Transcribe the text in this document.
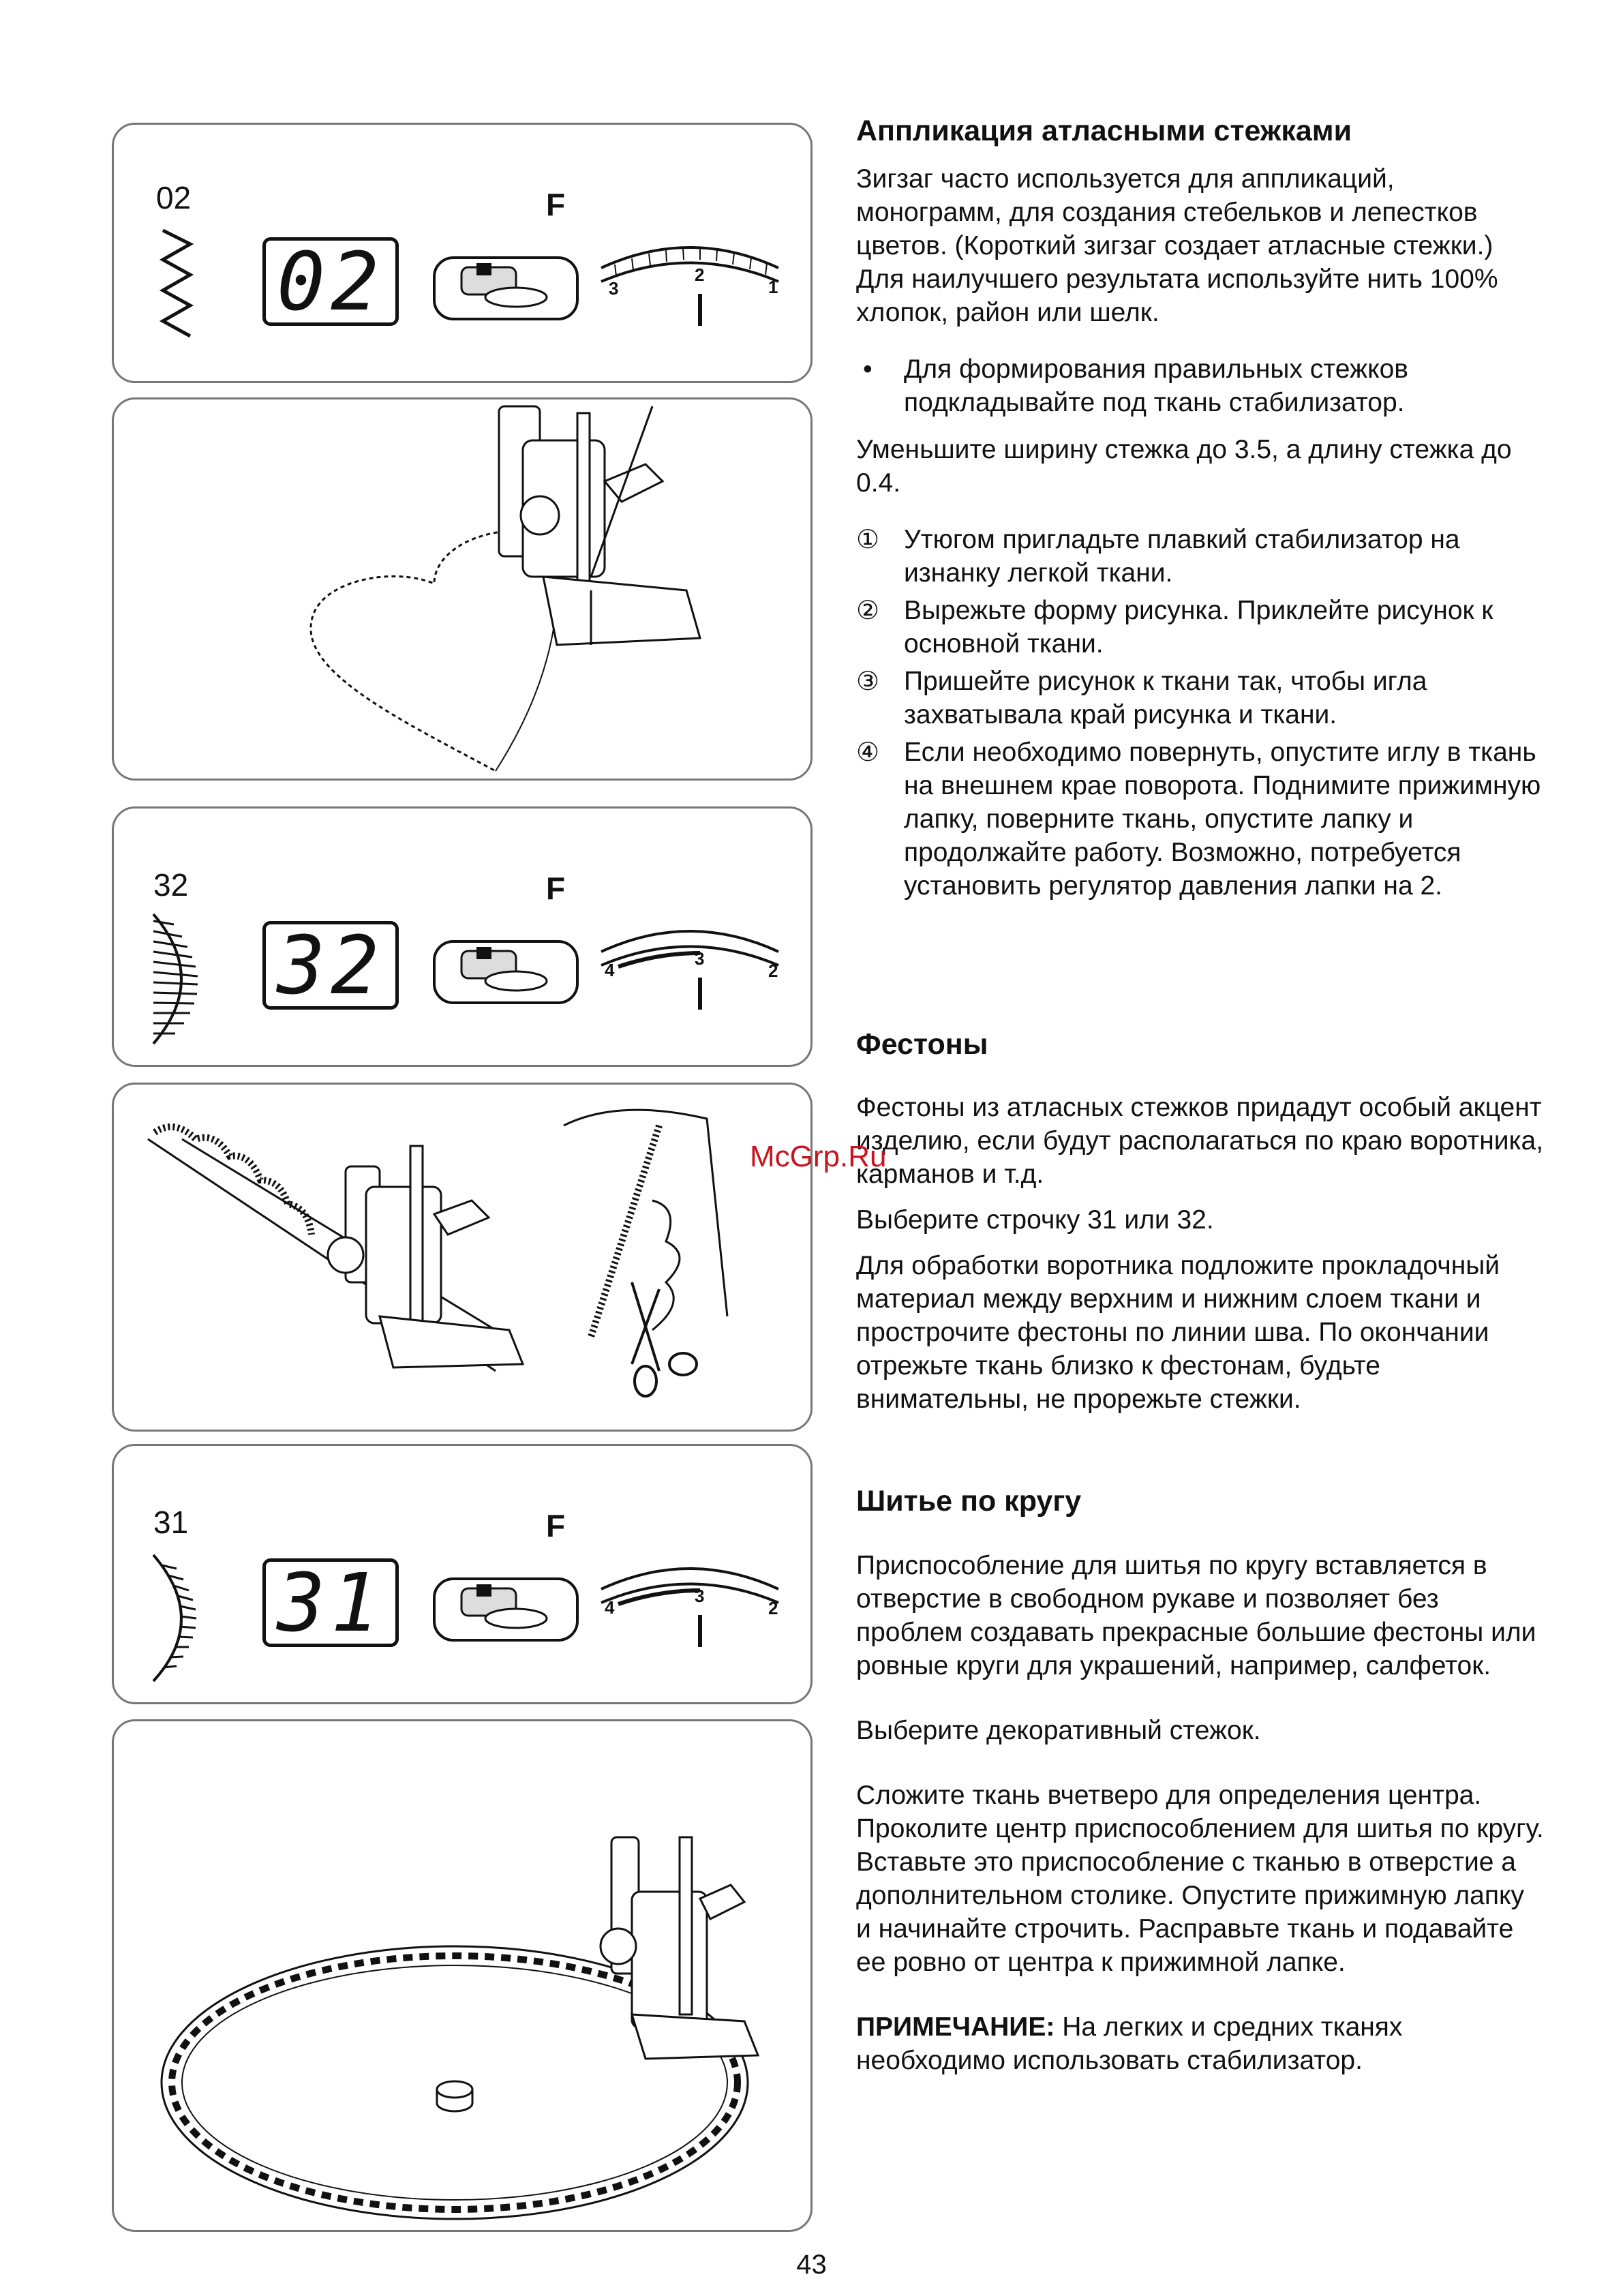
02
02
F
3
2
1
32
32
F
4
3
2
31
31
F
4
3
2
Аппликация атласными стежками

Зигзаг часто используется для аппликаций, монограмм, для создания стебельков и лепестков цветов. (Короткий зигзаг создает атласные стежки.) Для наилучшего результата используйте нить 100% хлопок, район или шелк.

• Для формирования правильных стежков подкладывайте под ткань стабилизатор.

Уменьшите ширину стежка до 3.5, а длину стежка до 0.4.

① Утюгом пригладьте плавкий стабилизатор на изнанку легкой ткани.
② Вырежьте форму рисунка. Приклейте рисунок к основной ткани.
③ Пришейте рисунок к ткани так, чтобы игла захватывала край рисунка и ткани.
④ Если необходимо повернуть, опустите иглу в ткань на внешнем крае поворота. Поднимите прижимную лапку, поверните ткань, опустите лапку и продолжайте работу. Возможно, потребуется установить регулятор давления лапки на 2.
Фестоны

Фестоны из атласных стежков придадут особый акцент изделию, если будут располагаться по краю воротника, карманов и т.д.

Выберите строчку 31 или 32.

Для обработки воротника подложите прокладочный материал между верхним и нижним слоем ткани и прострочите фестоны по линии шва. По окончании отрежьте ткань близко к фестонам, будьте внимательны, не прорежьте стежки.

McGrp.Ru
Шитье по кругу

Приспособление для шитья по кругу вставляется в отверстие в свободном рукаве и позволяет без проблем создавать прекрасные большие фестоны или ровные круги для украшений, например, салфеток.

Выберите декоративный стежок.

Сложите ткань вчетверо для определения центра. Проколите центр приспособлением для шитья по кругу. Вставьте это приспособление с тканью в отверстие а дополнительном столике. Опустите прижимную лапку и начинайте строчить. Расправьте ткань и подавайте ее ровно от центра к прижимной лапке.

ПРИМЕЧАНИЕ: На легких и средних тканях необходимо использовать стабилизатор.

43
